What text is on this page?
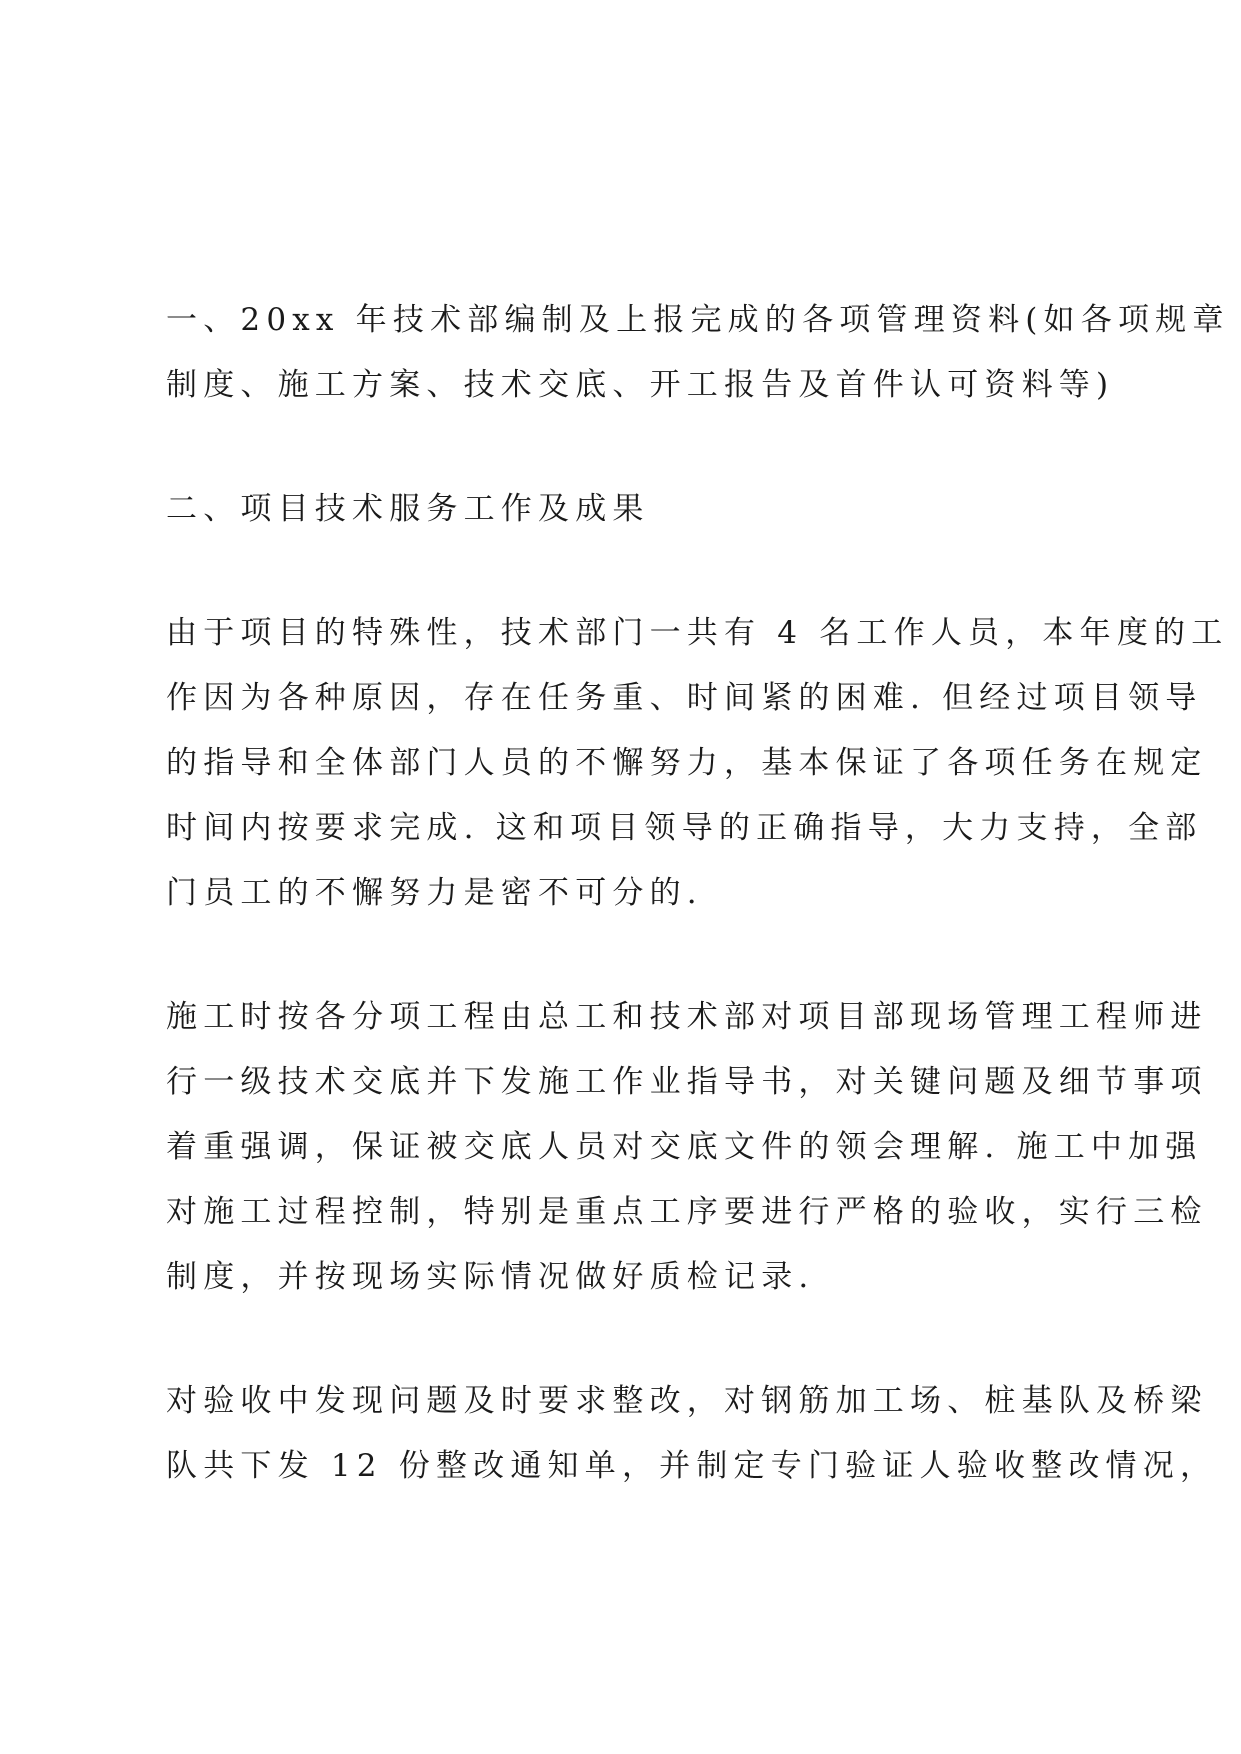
一、20xx 年技术部编制及上报完成的各项管理资料(如各项规章
制度、施工方案、技术交底、开工报告及首件认可资料等)
二、项目技术服务工作及成果
由于项目的特殊性，技术部门一共有 4 名工作人员，本年度的工
作因为各种原因，存在任务重、时间紧的困难. 但经过项目领导
的指导和全体部门人员的不懈努力，基本保证了各项任务在规定
时间内按要求完成. 这和项目领导的正确指导，大力支持，全部
门员工的不懈努力是密不可分的.
施工时按各分项工程由总工和技术部对项目部现场管理工程师进
行一级技术交底并下发施工作业指导书，对关键问题及细节事项
着重强调，保证被交底人员对交底文件的领会理解. 施工中加强
对施工过程控制，特别是重点工序要进行严格的验收，实行三检
制度，并按现场实际情况做好质检记录.
对验收中发现问题及时要求整改，对钢筋加工场、桩基队及桥梁
队共下发 12 份整改通知单，并制定专门验证人验收整改情况，
